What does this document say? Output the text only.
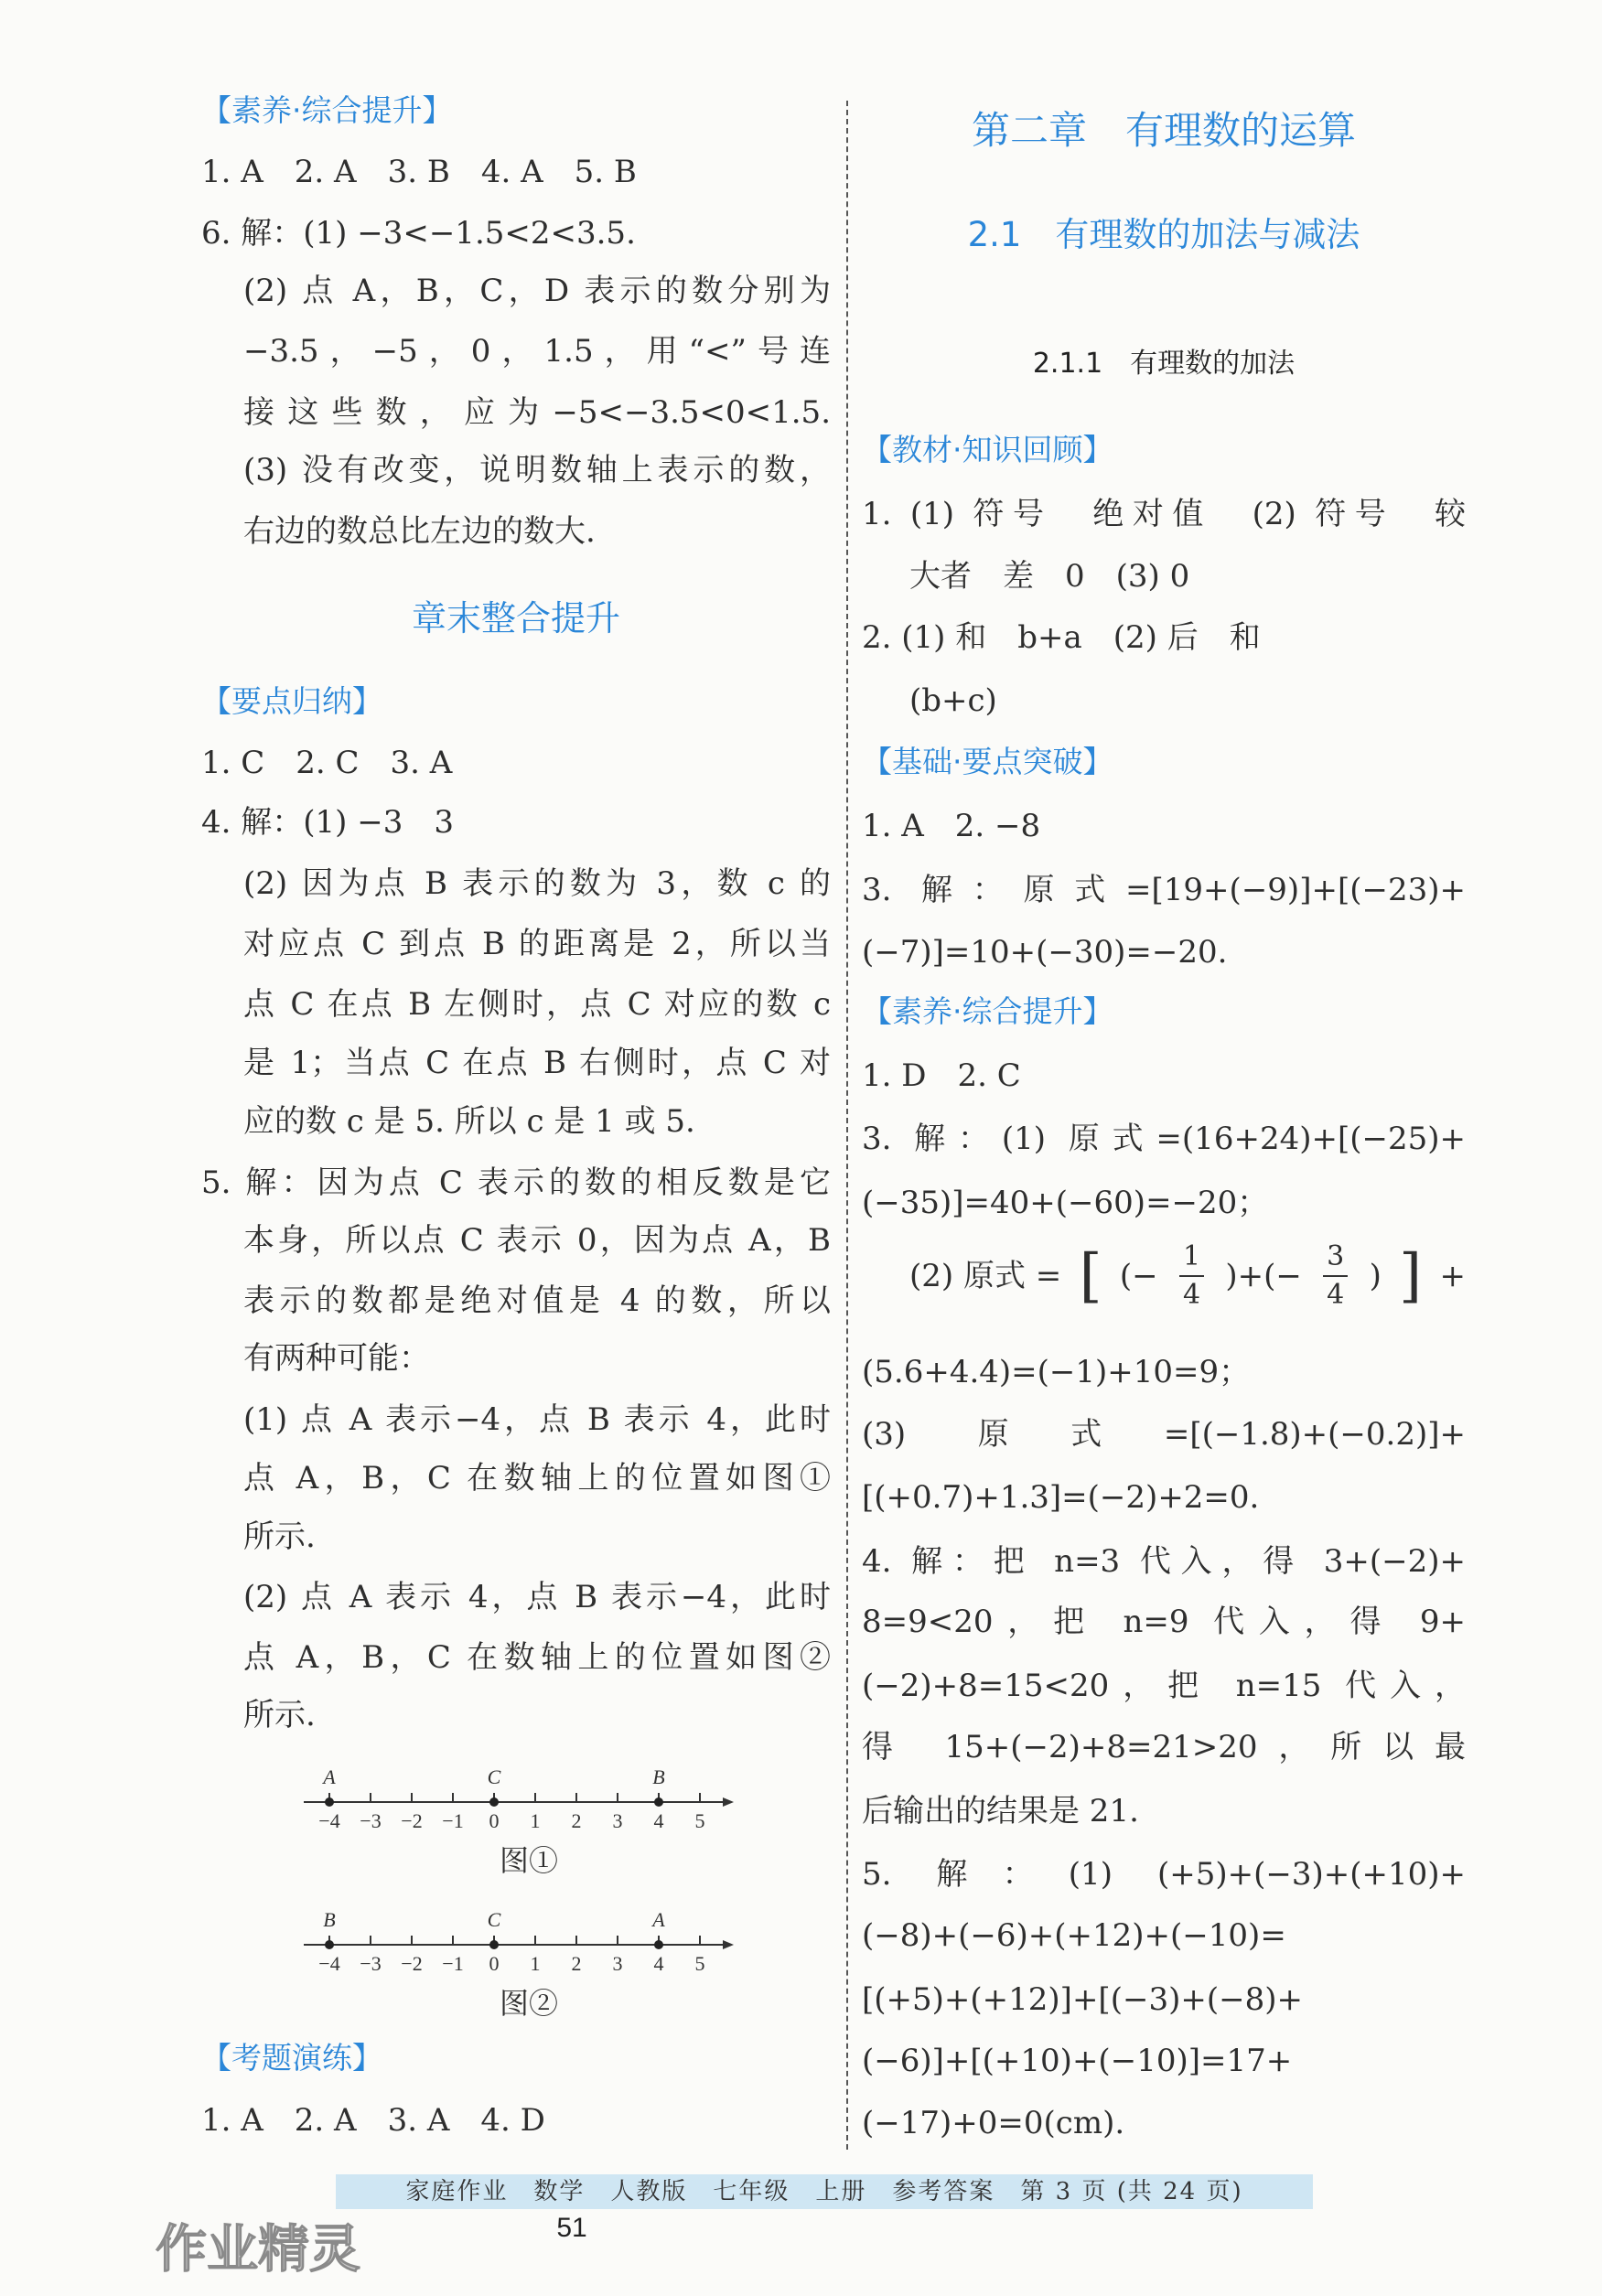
【素养·综合提升】
1. A　2. A　3. B　4. A　5. B
6. 解：(1) −3<−1.5<2<3.5.
(2) 点 A，B，C，D 表示的数分别为
−3.5，−5，0，1.5，用“<”号连
接这些数，应为−5<−3.5<0<1.5.
(3) 没有改变，说明数轴上表示的数，
右边的数总比左边的数大.
章末整合提升
【要点归纳】
1. C　2. C　3. A
4. 解：(1) −3　3
(2) 因为点 B 表示的数为 3，数 c 的
对应点 C 到点 B 的距离是 2，所以当
点 C 在点 B 左侧时，点 C 对应的数 c
是 1；当点 C 在点 B 右侧时，点 C 对
应的数 c 是 5. 所以 c 是 1 或 5.
5. 解：因为点 C 表示的数的相反数是它
本身，所以点 C 表示 0，因为点 A，B
表示的数都是绝对值是 4 的数，所以
有两种可能：
(1) 点 A 表示−4，点 B 表示 4，此时
点 A，B，C 在数轴上的位置如图①
所示.
(2) 点 A 表示 4，点 B 表示−4，此时
点 A，B，C 在数轴上的位置如图②
所示.
−4 −3 −2 −1 0 1 2 3 4 5
A	C	B
图①
−4 −3 −2 −1 0 1 2 3 4 5
B	C	A
图②
【考题演练】
1. A　2. A　3. A　4. D
第二章　有理数的运算
2.1　有理数的加法与减法
2.1.1　有理数的加法
【教材·知识回顾】
1. (1) 符号　绝对值　(2) 符号　较
大者　差　0　(3) 0
2. (1) 和　b+a　(2) 后　和
(b+c)
【基础·要点突破】
1. A　2. −8
3. 解：原式=[19+(−9)]+[(−23)+
(−7)]=10+(−30)=−20.
【素养·综合提升】
1. D　2. C
3. 解：(1) 原式=(16+24)+[(−25)+
(−35)]=40+(−60)=−20；
(2) 原式 = [ (− $\frac{1}{4}$ )+(− $\frac{3}{4}$ ) ] +
(5.6+4.4)=(−1)+10=9；
(3) 原式=[(−1.8)+(−0.2)]+
[(+0.7)+1.3]=(−2)+2=0.
4. 解：把 n=3 代入，得 3+(−2)+
8=9<20，把 n=9 代入，得 9+
(−2)+8=15<20，把 n=15 代入，
得 15+(−2)+8=21>20，所以最
后输出的结果是 21.
5. 解：(1) (+5)+(−3)+(+10)+
(−8)+(−6)+(+12)+(−10)=
[(+5)+(+12)]+[(−3)+(−8)+
(−6)]+[(+10)+(−10)]=17+
(−17)+0=0(cm).
家庭作业　数学　人教版　七年级　上册　参考答案　第 3 页 (共 24 页)
51
作业精灵
